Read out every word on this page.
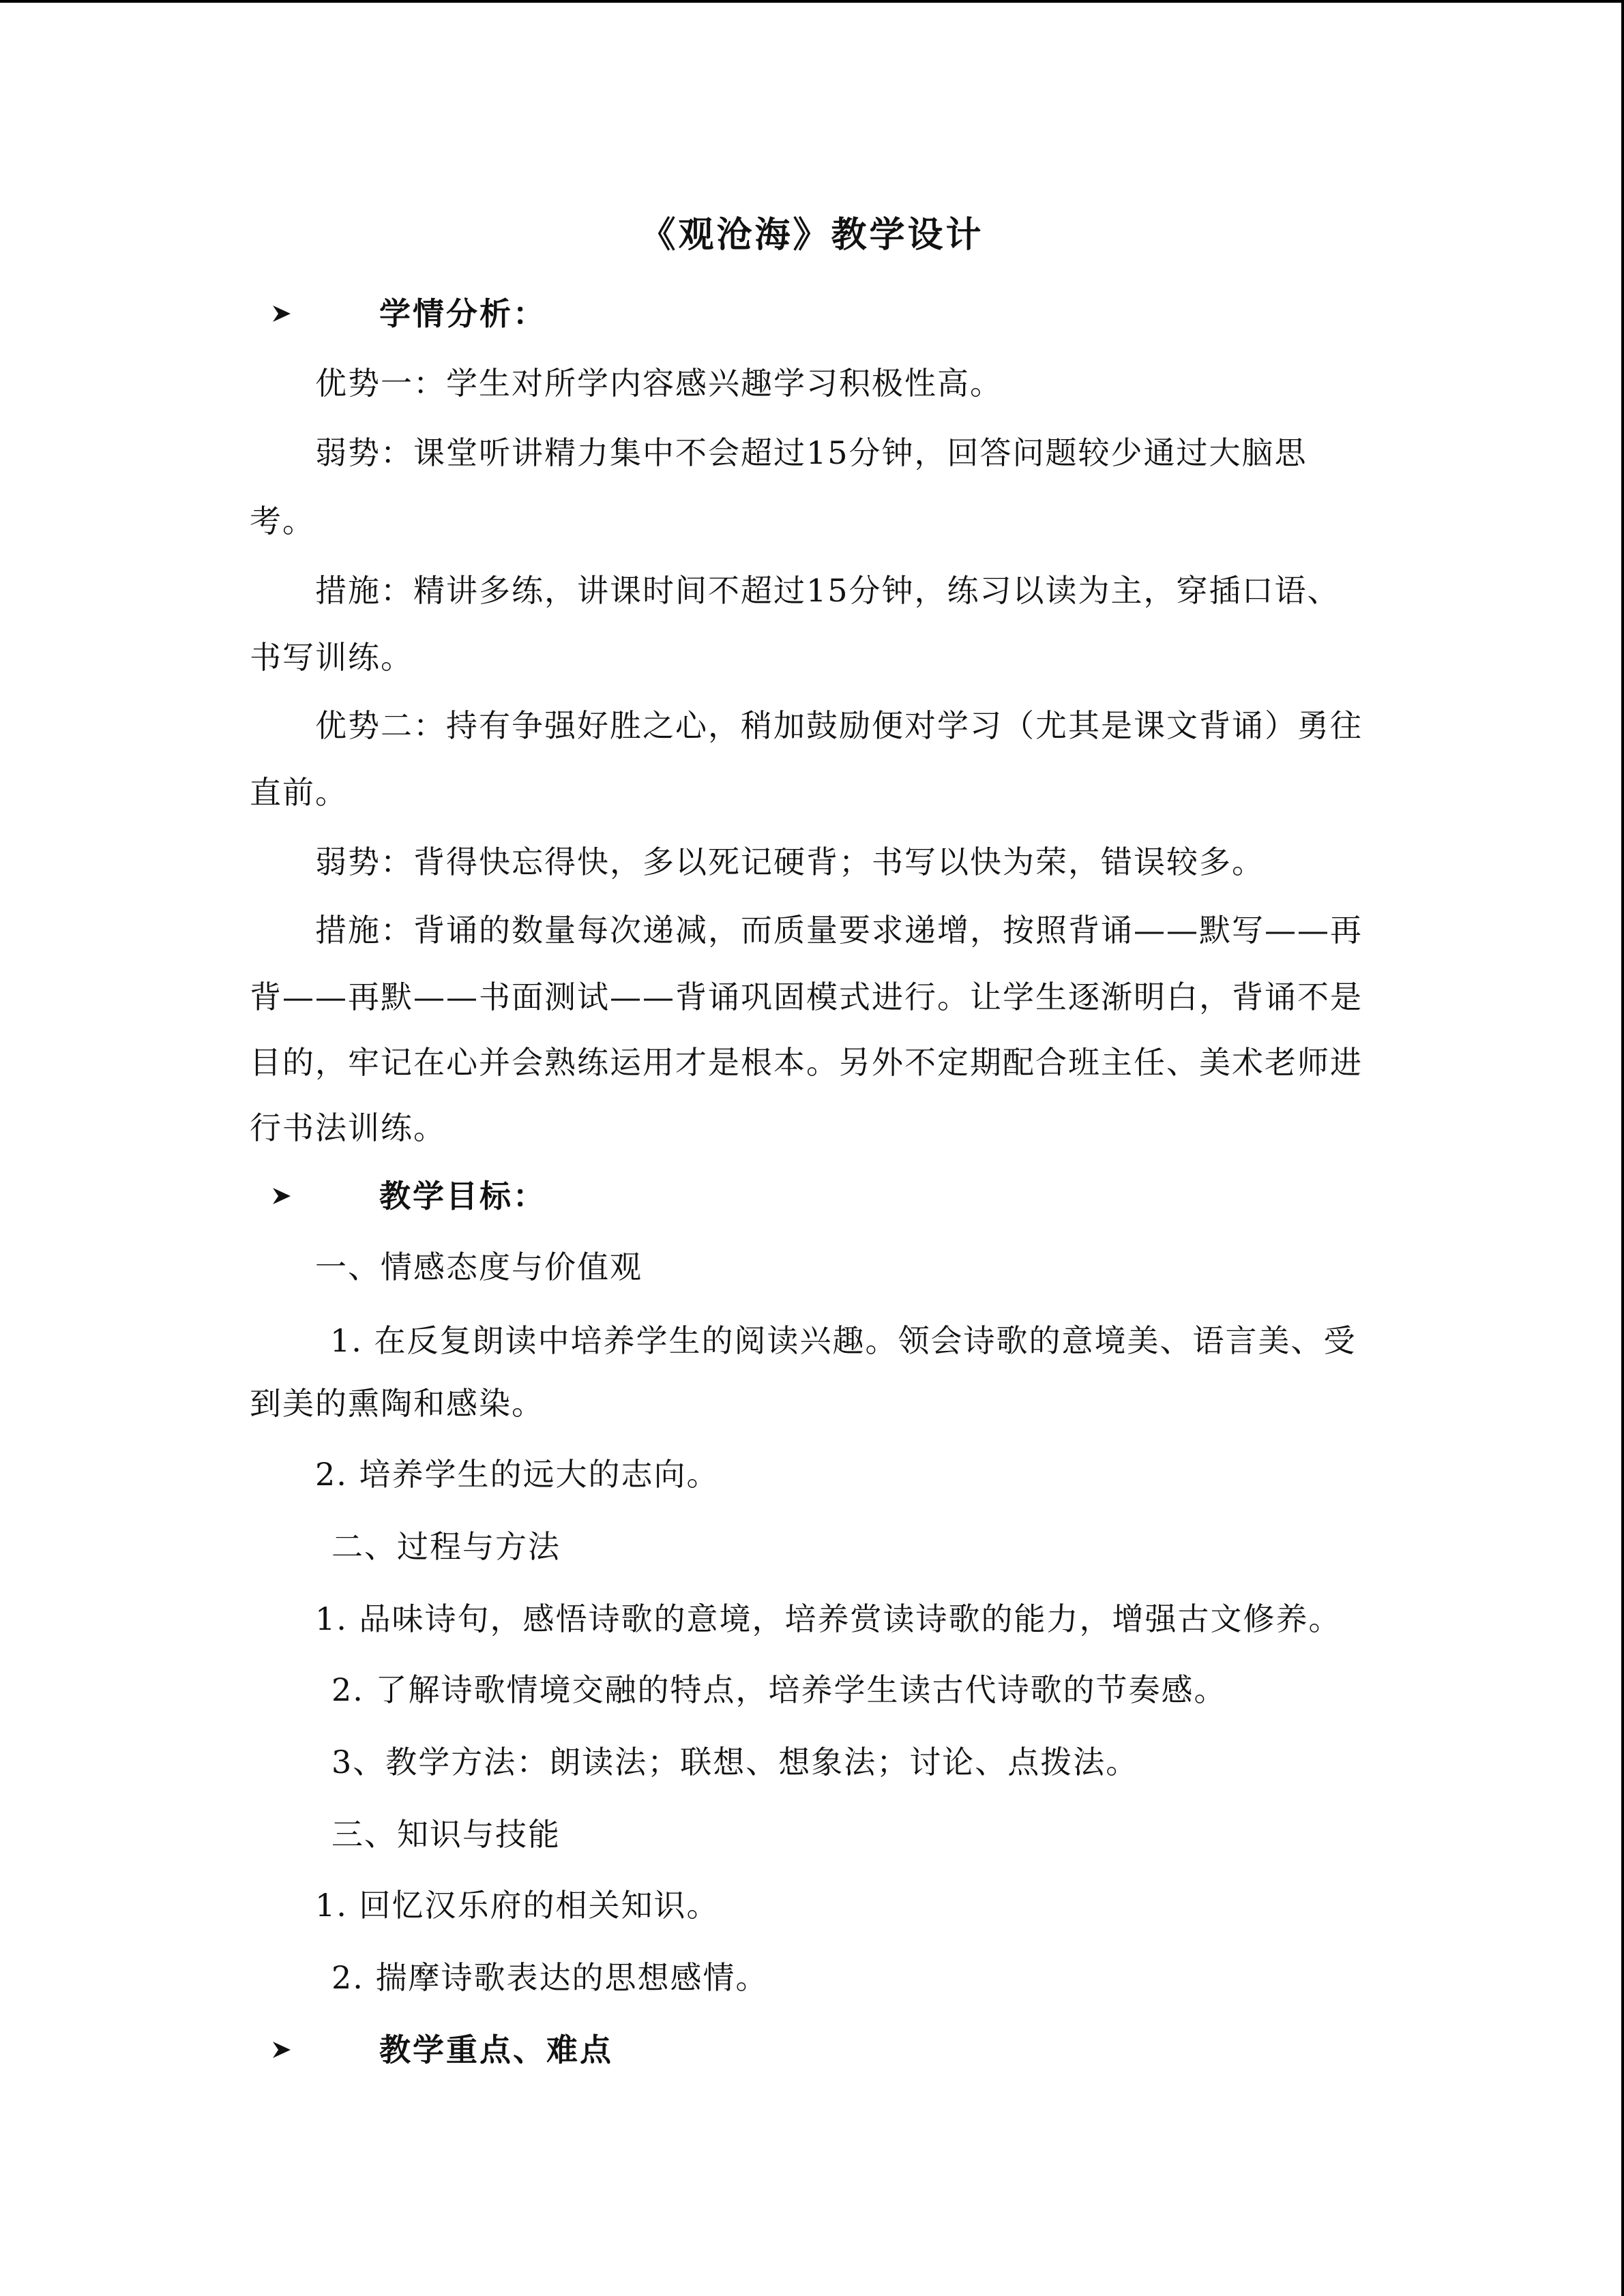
《观沧海》教学设计
学情分析：
优势一：学生对所学内容感兴趣学习积极性高。
弱势：课堂听讲精力集中不会超过15分钟，回答问题较少通过大脑思
考。
措施：精讲多练，讲课时间不超过15分钟，练习以读为主，穿插口语、
书写训练。
优势二：持有争强好胜之心，稍加鼓励便对学习（尤其是课文背诵）勇往
直前。
弱势：背得快忘得快，多以死记硬背；书写以快为荣，错误较多。
措施：背诵的数量每次递减，而质量要求递增，按照背诵——默写——再
背——再默——书面测试——背诵巩固模式进行。让学生逐渐明白，背诵不是
目的，牢记在心并会熟练运用才是根本。另外不定期配合班主任、美术老师进
行书法训练。
教学目标：
一、情感态度与价值观
1. 在反复朗读中培养学生的阅读兴趣。领会诗歌的意境美、语言美、受
到美的熏陶和感染。
2. 培养学生的远大的志向。
二、过程与方法
1. 品味诗句，感悟诗歌的意境，培养赏读诗歌的能力，增强古文修养。
2. 了解诗歌情境交融的特点，培养学生读古代诗歌的节奏感。
3、教学方法：朗读法；联想、想象法；讨论、点拨法。
三、知识与技能
1. 回忆汉乐府的相关知识。
2. 揣摩诗歌表达的思想感情。
教学重点、难点
